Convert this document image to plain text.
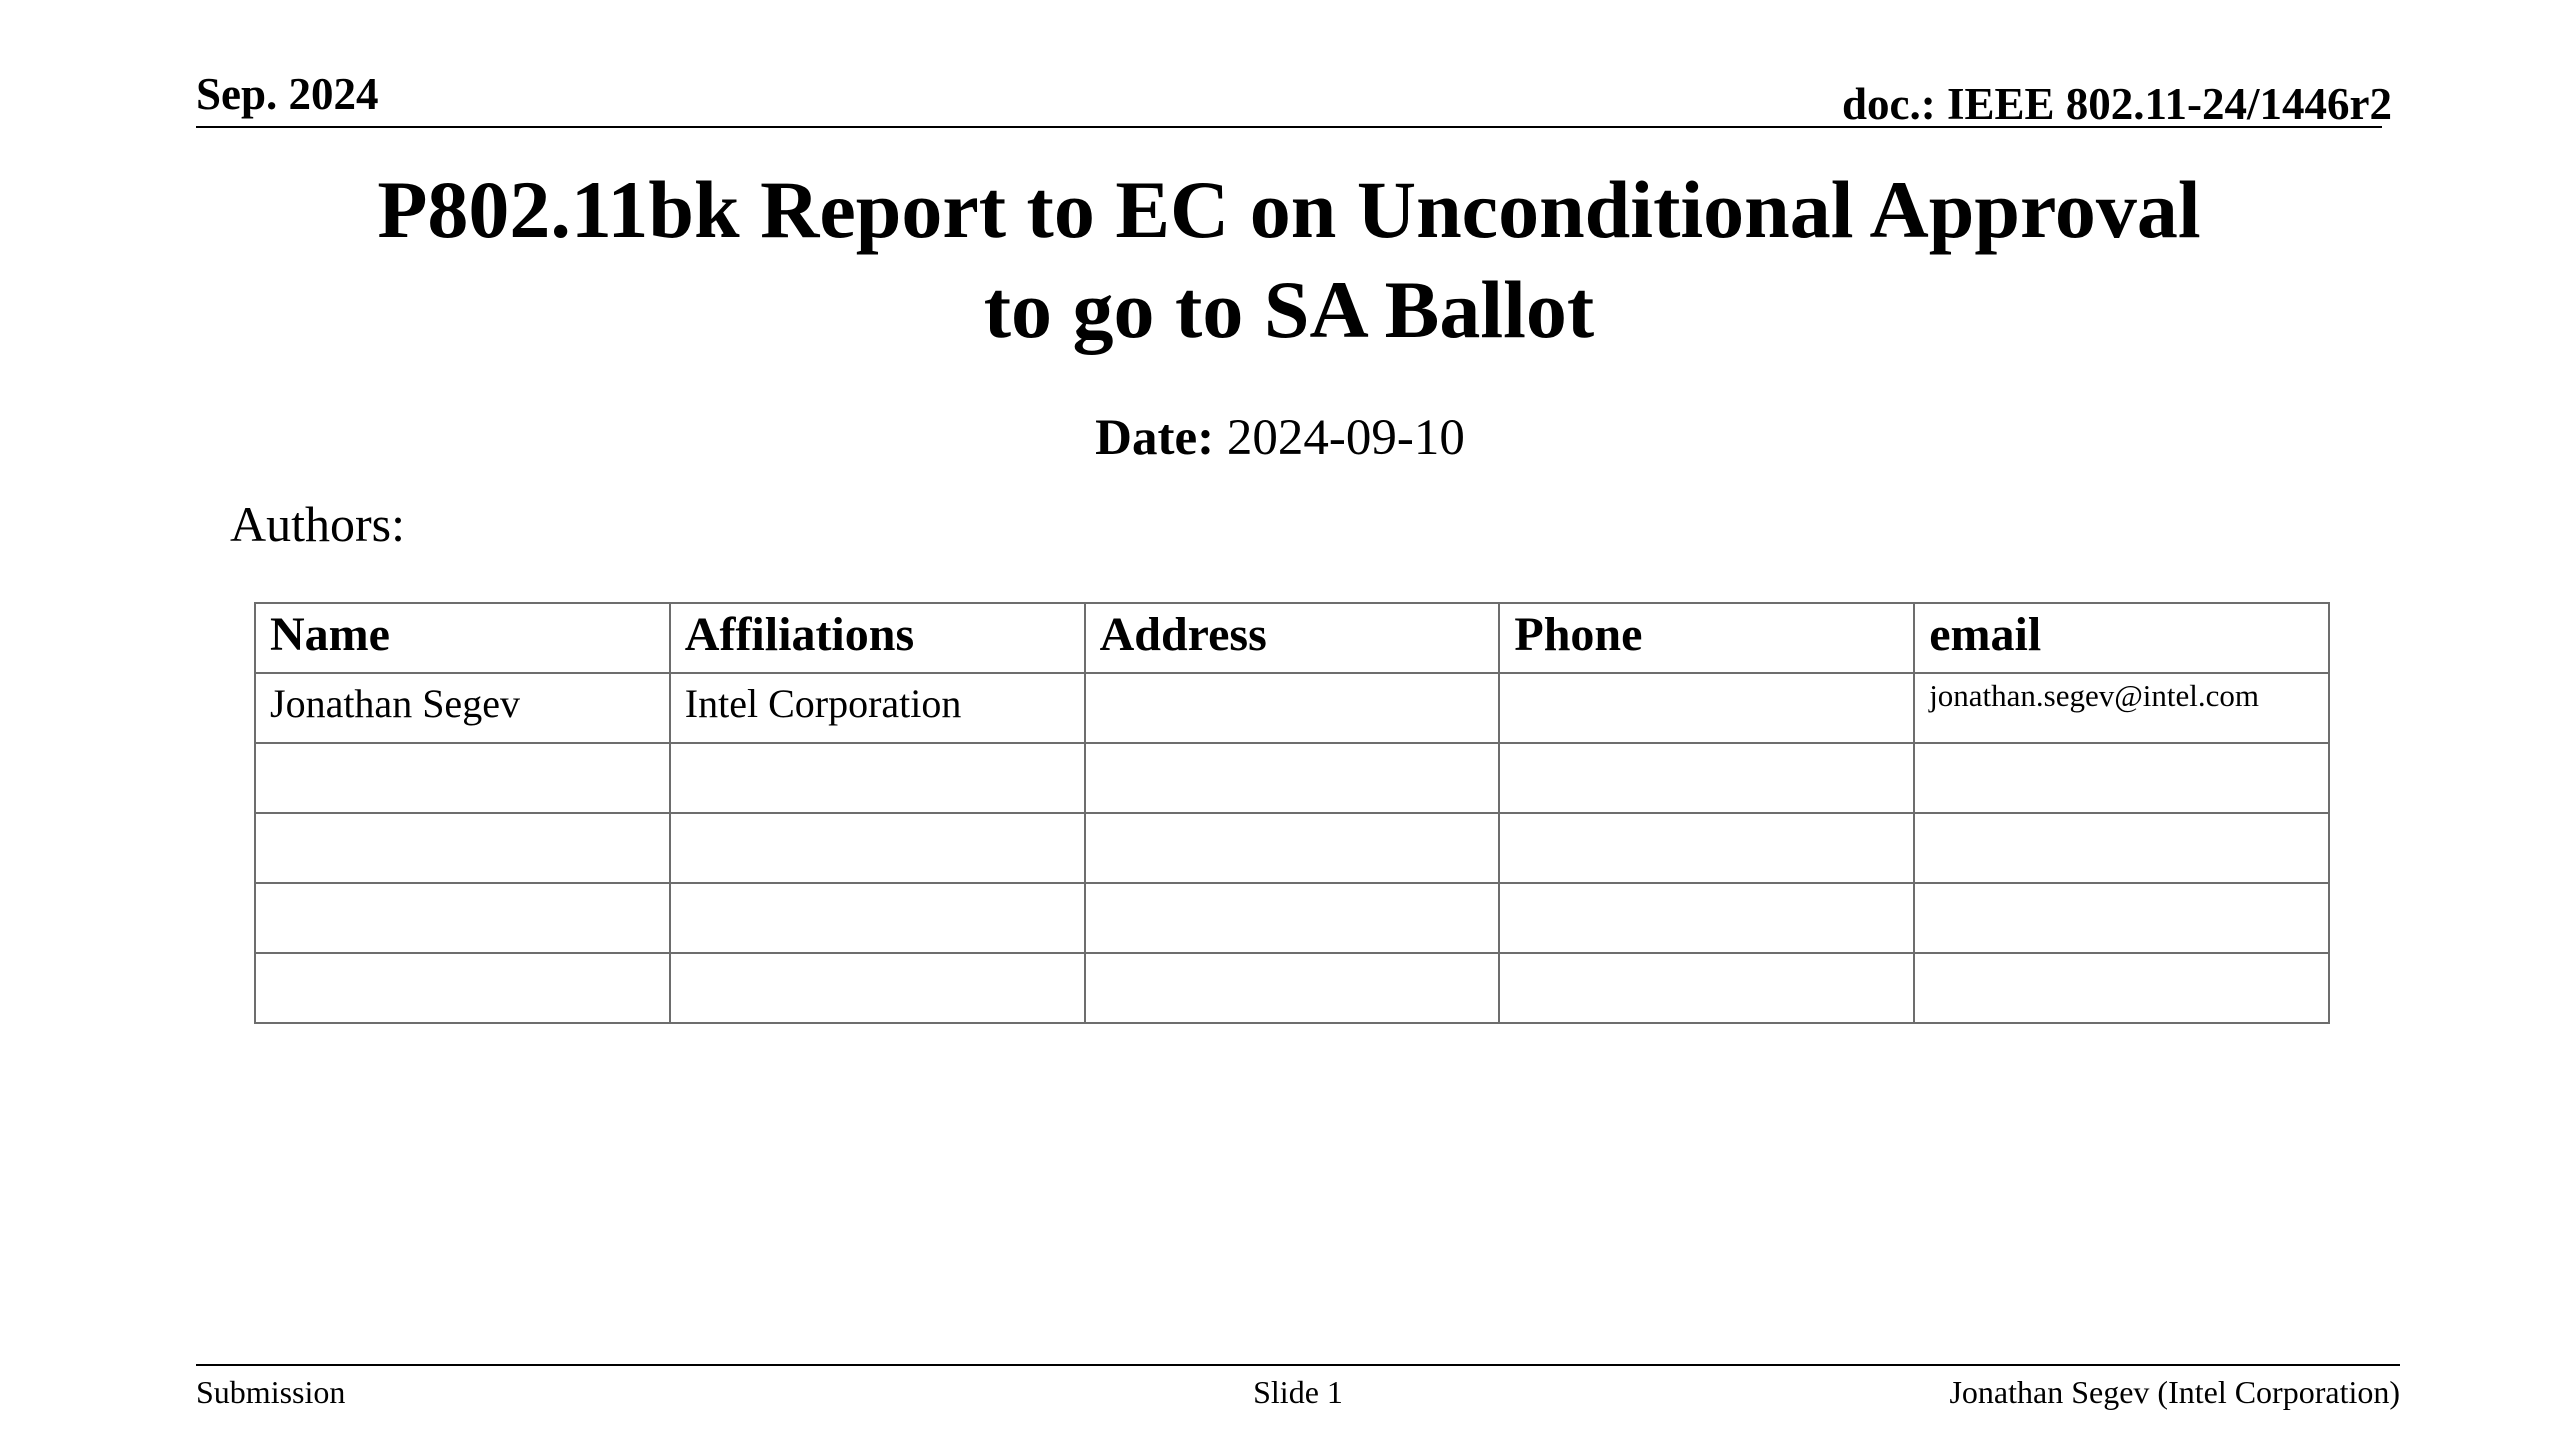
Sep. 2024	doc.: IEEE 802.11-24/1446r2
P802.11bk Report to EC on Unconditional Approval
to go to SA Ballot
Date: 2024-09-10
Authors:
Name	Affiliations	Address	Phone	email
Jonathan Segev	Intel Corporation			jonathan.segev@intel.com

Submission	Slide 1	Jonathan Segev (Intel Corporation)
